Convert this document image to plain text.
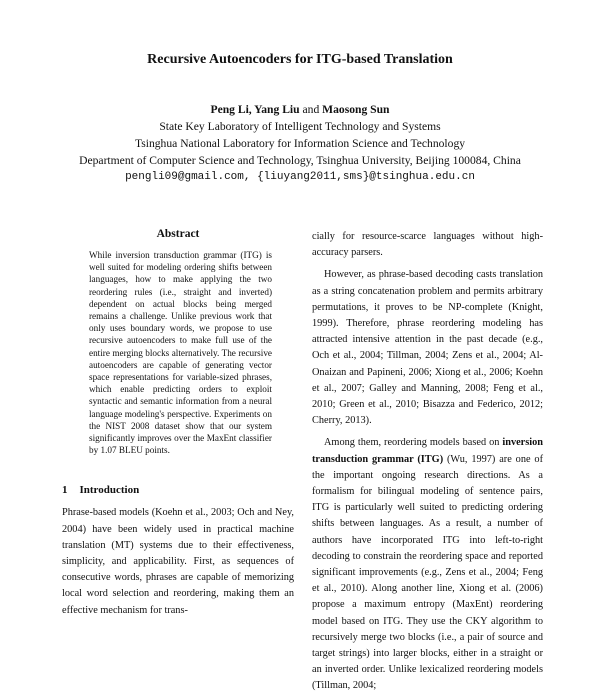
Recursive Autoencoders for ITG-based Translation
Peng Li, Yang Liu and Maosong Sun
State Key Laboratory of Intelligent Technology and Systems
Tsinghua National Laboratory for Information Science and Technology
Department of Computer Science and Technology, Tsinghua University, Beijing 100084, China
pengli09@gmail.com, {liuyang2011,sms}@tsinghua.edu.cn
Abstract
While inversion transduction grammar (ITG) is well suited for modeling ordering shifts between languages, how to make applying the two reordering rules (i.e., straight and inverted) dependent on actual blocks being merged remains a challenge. Unlike previous work that only uses boundary words, we propose to use recursive autoencoders to make full use of the entire merging blocks alternatively. The recursive autoencoders are capable of generating vector space representations for variable-sized phrases, which enable predicting orders to exploit syntactic and semantic information from a neural language modeling's perspective. Experiments on the NIST 2008 dataset show that our system significantly improves over the MaxEnt classifier by 1.07 BLEU points.
1 Introduction

Phrase-based models (Koehn et al., 2003; Och and Ney, 2004) have been widely used in practical machine translation (MT) systems due to their effectiveness, simplicity, and applicability. First, as sequences of consecutive words, phrases are capable of memorizing local word selection and reordering, making them an effective mechanism for trans-

cially for resource-scarce languages without high-accuracy parsers.

However, as phrase-based decoding casts translation as a string concatenation problem and permits arbitrary permutations, it proves to be NP-complete (Knight, 1999). Therefore, phrase reordering modeling has attracted intensive attention in the past decade (e.g., Och et al., 2004; Tillman, 2004; Zens et al., 2004; Al-Onaizan and Papineni, 2006; Xiong et al., 2006; Koehn et al., 2007; Galley and Manning, 2008; Feng et al., 2010; Green et al., 2010; Bisazza and Federico, 2012; Cherry, 2013).

Among them, reordering models based on inversion transduction grammar (ITG) (Wu, 1997) are one of the important ongoing research directions. As a formalism for bilingual modeling of sentence pairs, ITG is particularly well suited to predicting ordering shifts between languages. As a result, a number of authors have incorporated ITG into left-to-right decoding to constrain the reordering space and reported significant improvements (e.g., Zens et al., 2004; Feng et al., 2010). Along another line, Xiong et al. (2006) propose a maximum entropy (MaxEnt) reordering model based on ITG. They use the CKY algorithm to recursively merge two blocks (i.e., a pair of source and target strings) into larger blocks, either in a straight or an inverted order. Unlike lexicalized reordering models (Tillman, 2004;
